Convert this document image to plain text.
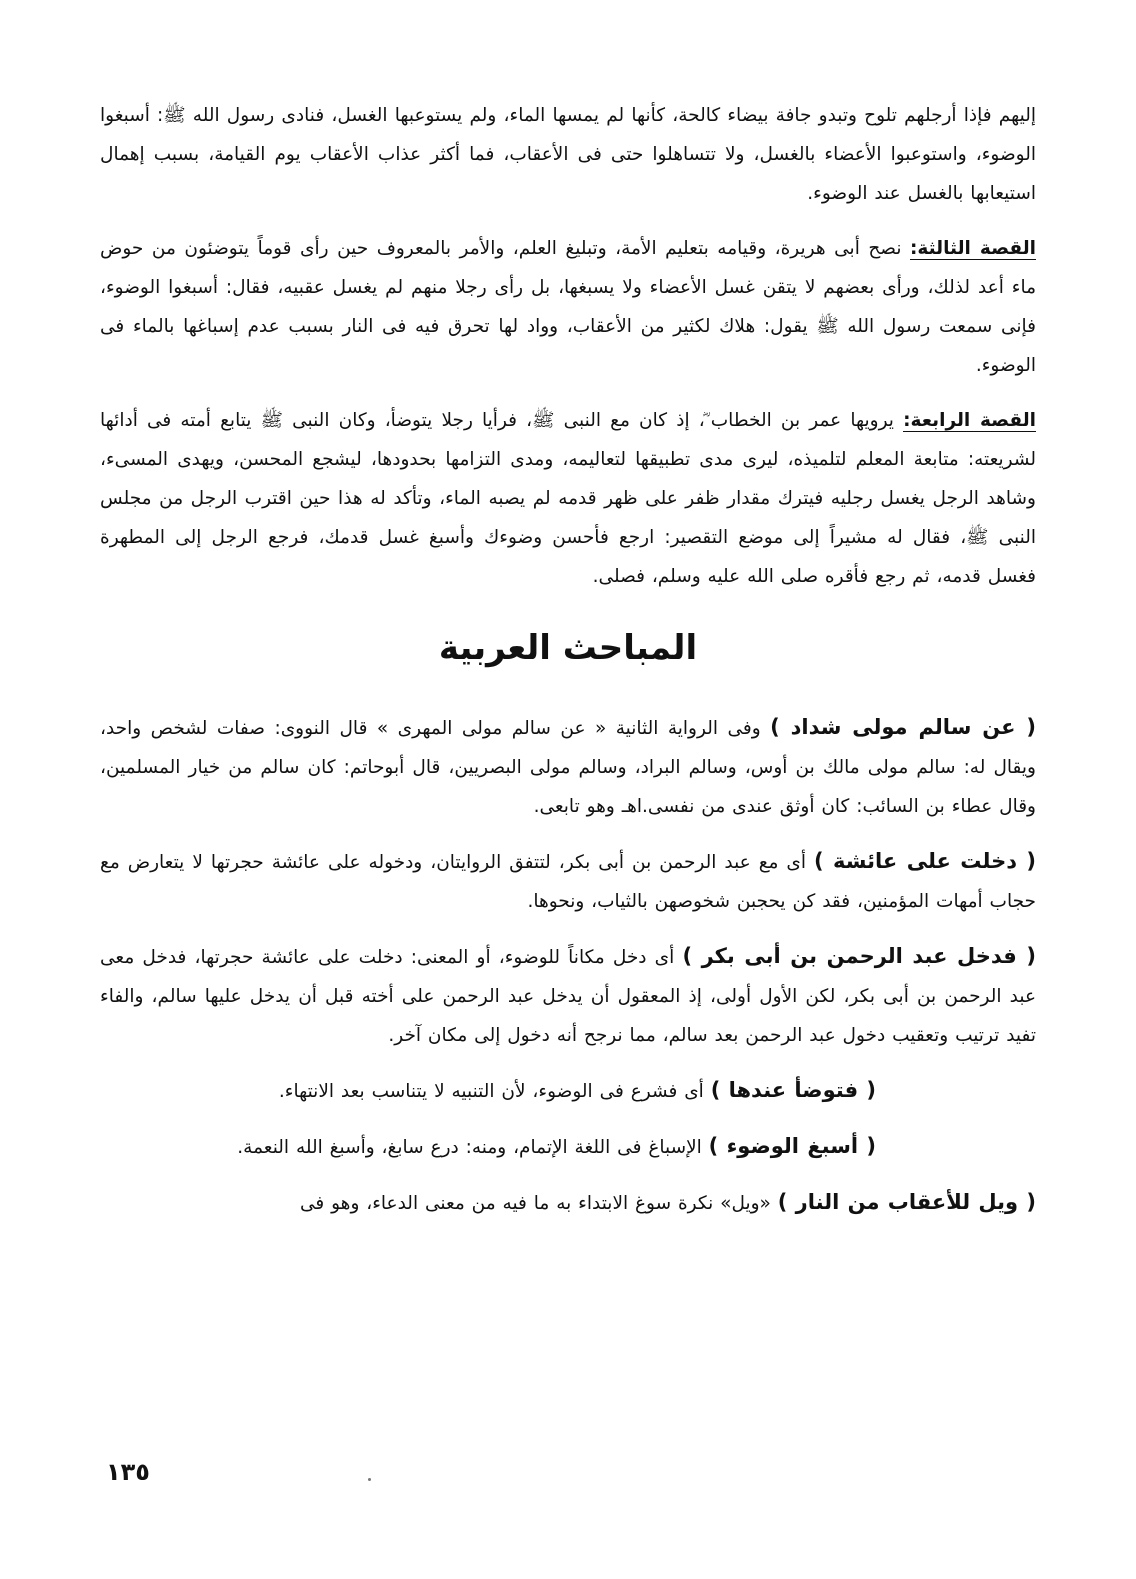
إليهم فإذا أرجلهم تلوح وتبدو جافة بيضاء كالحة، كأنها لم يمسها الماء، ولم يستوعبها الغسل، فنادى رسول الله ﷺ: أسبغوا الوضوء، واستوعبوا الأعضاء بالغسل، ولا تتساهلوا حتى فى الأعقاب، فما أكثر عذاب الأعقاب يوم القيامة، بسبب إهمال استيعابها بالغسل عند الوضوء.

القصة الثالثة: نصح أبى هريرة، وقيامه بتعليم الأمة، وتبليغ العلم، والأمر بالمعروف حين رأى قوماً يتوضئون من حوض ماء أعد لذلك، ورأى بعضهم لا يتقن غسل الأعضاء ولا يسبغها، بل رأى رجلا منهم لم يغسل عقبيه، فقال: أسبغوا الوضوء، فإنى سمعت رسول الله ﷺ يقول: هلاك لكثير من الأعقاب، وواد لها تحرق فيه فى النار بسبب عدم إسباغها بالماء فى الوضوء.

القصة الرابعة: يرويها عمر بن الخطاب ؓ، إذ كان مع النبى ﷺ، فرأيا رجلا يتوضأ، وكان النبى ﷺ يتابع أمته فى أدائها لشريعته: متابعة المعلم لتلميذه، ليرى مدى تطبيقها لتعاليمه، ومدى التزامها بحدودها، ليشجع المحسن، ويهدى المسىء، وشاهد الرجل يغسل رجليه فيترك مقدار ظفر على ظهر قدمه لم يصبه الماء، وتأكد له هذا حين اقترب الرجل من مجلس النبى ﷺ، فقال له مشيراً إلى موضع التقصير: ارجع فأحسن وضوءك وأسبغ غسل قدمك، فرجع الرجل إلى المطهرة فغسل قدمه، ثم رجع فأقره صلى الله عليه وسلم، فصلى.

المباحث العربية

( عن سالم مولى شداد ) وفى الرواية الثانية « عن سالم مولى المهرى » قال النووى: صفات لشخص واحد، ويقال له: سالم مولى مالك بن أوس، وسالم البراد، وسالم مولى البصريين، قال أبوحاتم: كان سالم من خيار المسلمين، وقال عطاء بن السائب: كان أوثق عندى من نفسى.اهـ وهو تابعى.

( دخلت على عائشة ) أى مع عبد الرحمن بن أبى بكر، لتتفق الروايتان، ودخوله على عائشة حجرتها لا يتعارض مع حجاب أمهات المؤمنين، فقد كن يحجبن شخوصهن بالثياب، ونحوها.

( فدخل عبد الرحمن بن أبى بكر ) أى دخل مكاناً للوضوء، أو المعنى: دخلت على عائشة حجرتها، فدخل معى عبد الرحمن بن أبى بكر، لكن الأول أولى، إذ المعقول أن يدخل عبد الرحمن على أخته قبل أن يدخل عليها سالم، والفاء تفيد ترتيب وتعقيب دخول عبد الرحمن بعد سالم، مما نرجح أنه دخول إلى مكان آخر.

( فتوضأ عندها ) أى فشرع فى الوضوء، لأن التنبيه لا يتناسب بعد الانتهاء.

( أسبغ الوضوء ) الإسباغ فى اللغة الإتمام، ومنه: درع سابغ، وأسبغ الله النعمة.

( ويل للأعقاب من النار ) «ويل» نكرة سوغ الابتداء به ما فيه من معنى الدعاء، وهو فى

١٣٥
